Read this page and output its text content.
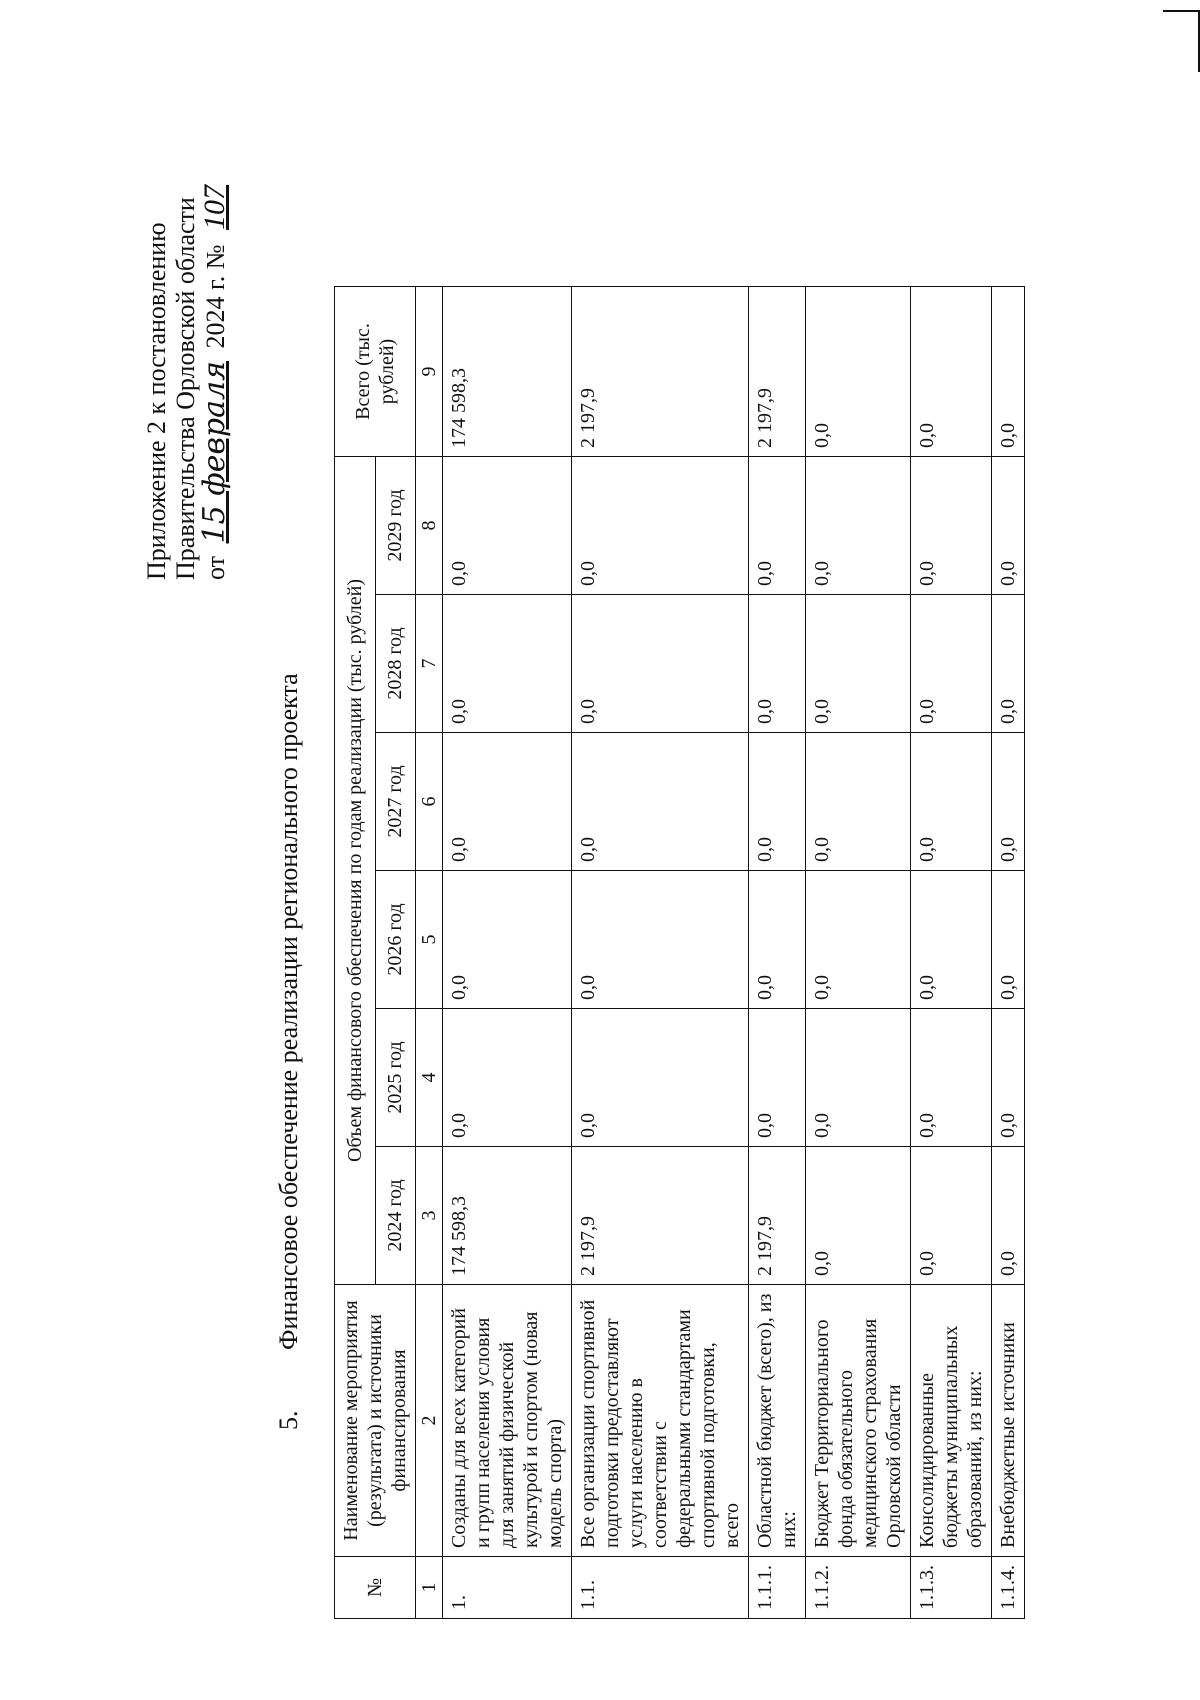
Приложение 2 к постановлению Правительства Орловской области от 15 февраля 2024 г. № 107
5. Финансовое обеспечение реализации регионального проекта
№	Наименование мероприятия (результата) и источники финансирования	Объем финансового обеспечения по годам реализации (тыс. рублей)						Всего (тыс. рублей)
		2024 год	2025 год	2026 год	2027 год	2028 год	2029 год	
1	2	3	4	5	6	7	8	9
1.	Созданы для всех категорий и групп населения условия для занятий физической культурой и спортом (новая модель спорта)	174 598,3	0,0	0,0	0,0	0,0	0,0	174 598,3
1.1.	Все организации спортивной подготовки предоставляют услуги населению в соответствии с федеральными стандартами спортивной подготовки, всего	2 197,9	0,0	0,0	0,0	0,0	0,0	2 197,9
1.1.1.	Областной бюджет (всего), из них:	2 197,9	0,0	0,0	0,0	0,0	0,0	2 197,9
1.1.2.	Бюджет Территориального фонда обязательного медицинского страхования Орловской области	0,0	0,0	0,0	0,0	0,0	0,0	0,0
1.1.3.	Консолидированные бюджеты муниципальных образований, из них:	0,0	0,0	0,0	0,0	0,0	0,0	0,0
1.1.4.	Внебюджетные источники	0,0	0,0	0,0	0,0	0,0	0,0	0,0
